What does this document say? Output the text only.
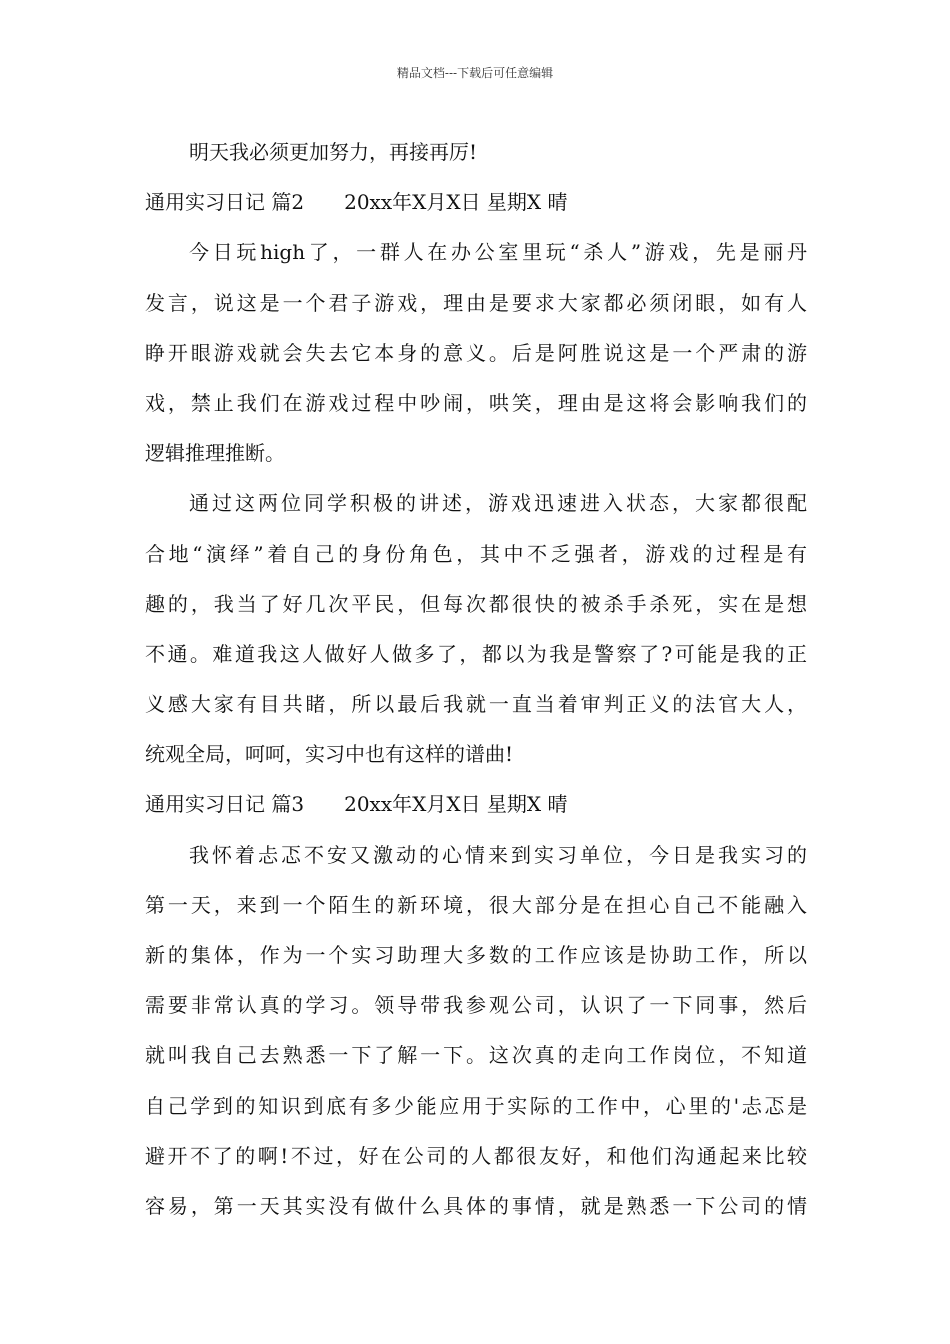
精品文档---下载后可任意编辑
明天我必须更加努力，再接再厉!
通用实习日记 篇2 20xx年X月X日 星期X 晴
今日玩high了，一群人在办公室里玩“杀人”游戏，先是丽丹
发言，说这是一个君子游戏，理由是要求大家都必须闭眼，如有人
睁开眼游戏就会失去它本身的意义。后是阿胜说这是一个严肃的游
戏，禁止我们在游戏过程中吵闹，哄笑，理由是这将会影响我们的
逻辑推理推断。
通过这两位同学积极的讲述，游戏迅速进入状态，大家都很配
合地“演绎”着自己的身份角色，其中不乏强者，游戏的过程是有
趣的，我当了好几次平民，但每次都很快的被杀手杀死，实在是想
不通。难道我这人做好人做多了，都以为我是警察了?可能是我的正
义感大家有目共睹，所以最后我就一直当着审判正义的法官大人，
统观全局，呵呵，实习中也有这样的谱曲!
通用实习日记 篇3 20xx年X月X日 星期X 晴
我怀着忐忑不安又激动的心情来到实习单位，今日是我实习的
第一天，来到一个陌生的新环境，很大部分是在担心自己不能融入
新的集体，作为一个实习助理大多数的工作应该是协助工作，所以
需要非常认真的学习。领导带我参观公司，认识了一下同事，然后
就叫我自己去熟悉一下了解一下。这次真的走向工作岗位，不知道
自己学到的知识到底有多少能应用于实际的工作中，心里的'忐忑是
避开不了的啊!不过，好在公司的人都很友好，和他们沟通起来比较
容易，第一天其实没有做什么具体的事情，就是熟悉一下公司的情
